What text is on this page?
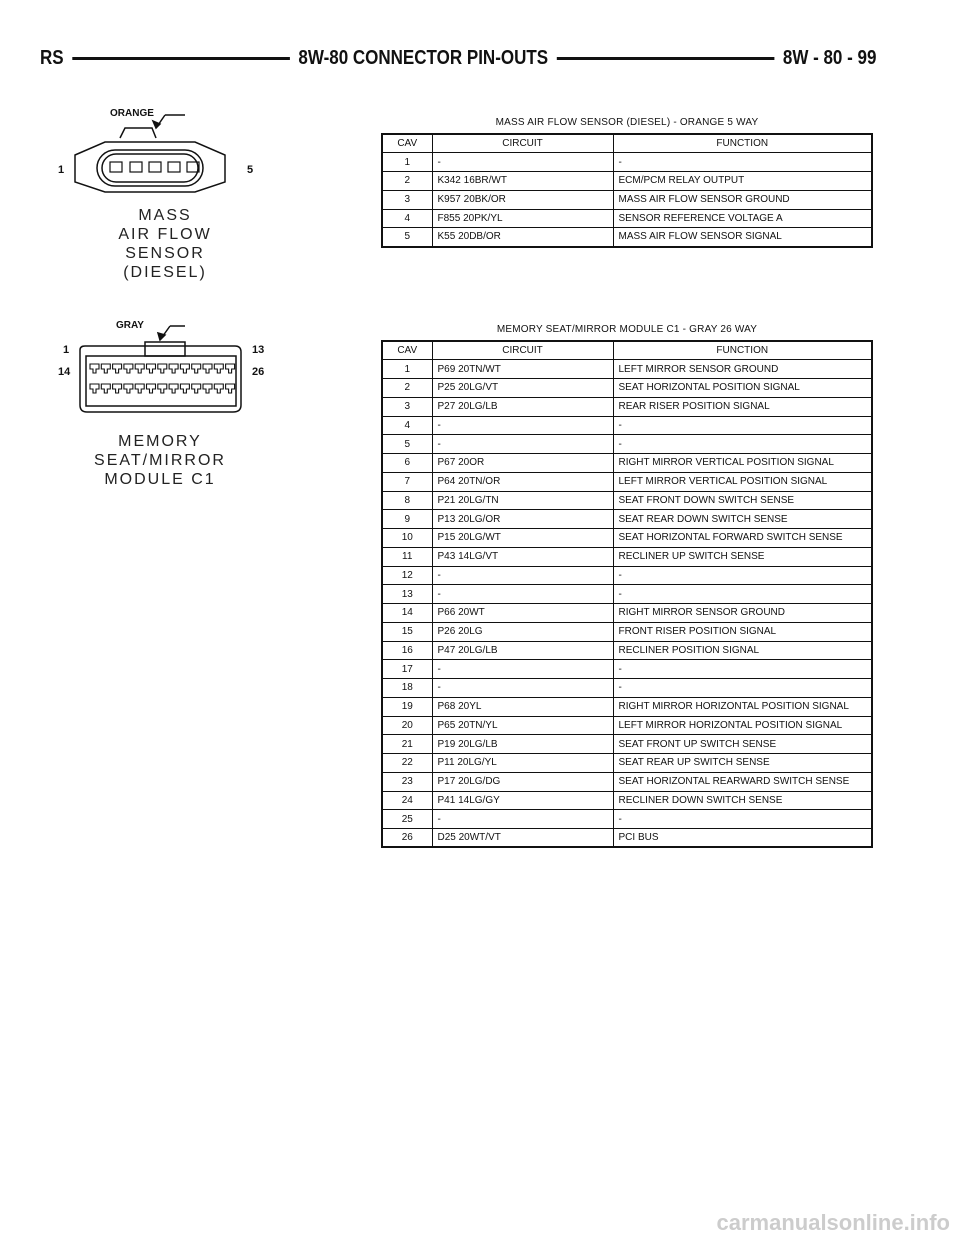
RS	8W-80 CONNECTOR PIN-OUTS	8W - 80 - 99
ORANGE
1	5
MASS
AIR FLOW
SENSOR
(DIESEL)
GRAY
1	13
14	26
MEMORY
SEAT/MIRROR
MODULE C1
MASS AIR FLOW SENSOR (DIESEL) - ORANGE 5 WAY
CAV	CIRCUIT	FUNCTION
1	-	-
2	K342 16BR/WT	ECM/PCM RELAY OUTPUT
3	K957 20BK/OR	MASS AIR FLOW SENSOR GROUND
4	F855 20PK/YL	SENSOR REFERENCE VOLTAGE A
5	K55 20DB/OR	MASS AIR FLOW SENSOR SIGNAL
MEMORY SEAT/MIRROR MODULE C1 - GRAY 26 WAY
CAV	CIRCUIT	FUNCTION
1	P69 20TN/WT	LEFT MIRROR SENSOR GROUND
2	P25 20LG/VT	SEAT HORIZONTAL POSITION SIGNAL
3	P27 20LG/LB	REAR RISER POSITION SIGNAL
4	-	-
5	-	-
6	P67 20OR	RIGHT MIRROR VERTICAL POSITION SIGNAL
7	P64 20TN/OR	LEFT MIRROR VERTICAL POSITION SIGNAL
8	P21 20LG/TN	SEAT FRONT DOWN SWITCH SENSE
9	P13 20LG/OR	SEAT REAR DOWN SWITCH SENSE
10	P15 20LG/WT	SEAT HORIZONTAL FORWARD SWITCH SENSE
11	P43 14LG/VT	RECLINER UP SWITCH SENSE
12	-	-
13	-	-
14	P66 20WT	RIGHT MIRROR SENSOR GROUND
15	P26 20LG	FRONT RISER POSITION SIGNAL
16	P47 20LG/LB	RECLINER POSITION SIGNAL
17	-	-
18	-	-
19	P68 20YL	RIGHT MIRROR HORIZONTAL POSITION SIGNAL
20	P65 20TN/YL	LEFT MIRROR HORIZONTAL POSITION SIGNAL
21	P19 20LG/LB	SEAT FRONT UP SWITCH SENSE
22	P11 20LG/YL	SEAT REAR UP SWITCH SENSE
23	P17 20LG/DG	SEAT HORIZONTAL REARWARD SWITCH SENSE
24	P41 14LG/GY	RECLINER DOWN SWITCH SENSE
25	-	-
26	D25 20WT/VT	PCI BUS
carmanualsonline.info
